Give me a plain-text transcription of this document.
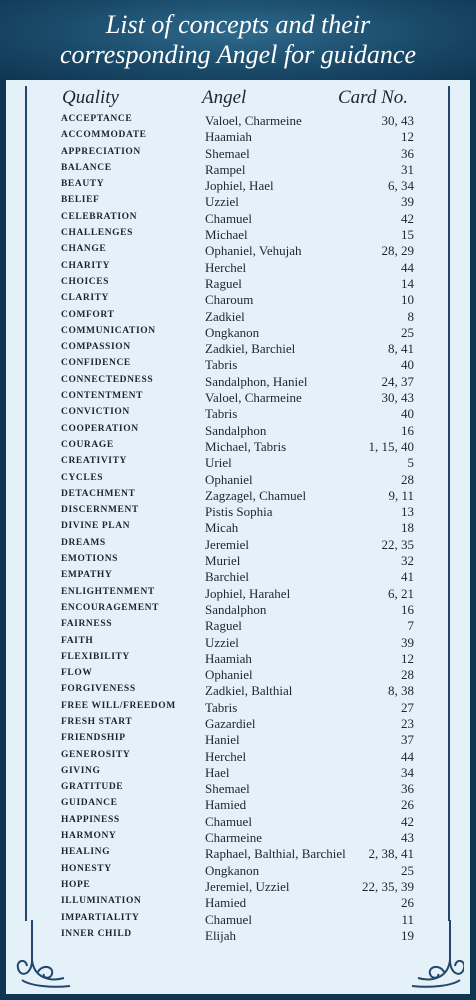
List of concepts and their
corresponding Angel for guidance
Quality	Angel	Card No.
ACCEPTANCE	Valoel, Charmeine	30, 43
ACCOMMODATE	Haamiah	12
APPRECIATION	Shemael	36
BALANCE	Rampel	31
BEAUTY	Jophiel, Hael	6, 34
BELIEF	Uzziel	39
CELEBRATION	Chamuel	42
CHALLENGES	Michael	15
CHANGE	Ophaniel, Vehujah	28, 29
CHARITY	Herchel	44
CHOICES	Raguel	14
CLARITY	Charoum	10
COMFORT	Zadkiel	8
COMMUNICATION	Ongkanon	25
COMPASSION	Zadkiel, Barchiel	8, 41
CONFIDENCE	Tabris	40
CONNECTEDNESS	Sandalphon, Haniel	24, 37
CONTENTMENT	Valoel, Charmeine	30, 43
CONVICTION	Tabris	40
COOPERATION	Sandalphon	16
COURAGE	Michael, Tabris	1, 15, 40
CREATIVITY	Uriel	5
CYCLES	Ophaniel	28
DETACHMENT	Zagzagel, Chamuel	9, 11
DISCERNMENT	Pistis Sophia	13
DIVINE PLAN	Micah	18
DREAMS	Jeremiel	22, 35
EMOTIONS	Muriel	32
EMPATHY	Barchiel	41
ENLIGHTENMENT	Jophiel, Harahel	6, 21
ENCOURAGEMENT	Sandalphon	16
FAIRNESS	Raguel	7
FAITH	Uzziel	39
FLEXIBILITY	Haamiah	12
FLOW	Ophaniel	28
FORGIVENESS	Zadkiel, Balthial	8, 38
FREE WILL/FREEDOM Tabris	27
FRESH START	Gazardiel	23
FRIENDSHIP	Haniel	37
GENEROSITY	Herchel	44
GIVING	Hael	34
GRATITUDE	Shemael	36
GUIDANCE	Hamied	26
HAPPINESS	Chamuel	42
HARMONY	Charmeine	43
HEALING	Raphael, Balthial, Barchiel 2, 38, 41
HONESTY	Ongkanon	25
HOPE	Jeremiel, Uzziel	22, 35, 39
ILLUMINATION	Hamied	26
IMPARTIALITY	Chamuel	11
INNER CHILD	Elijah	19
